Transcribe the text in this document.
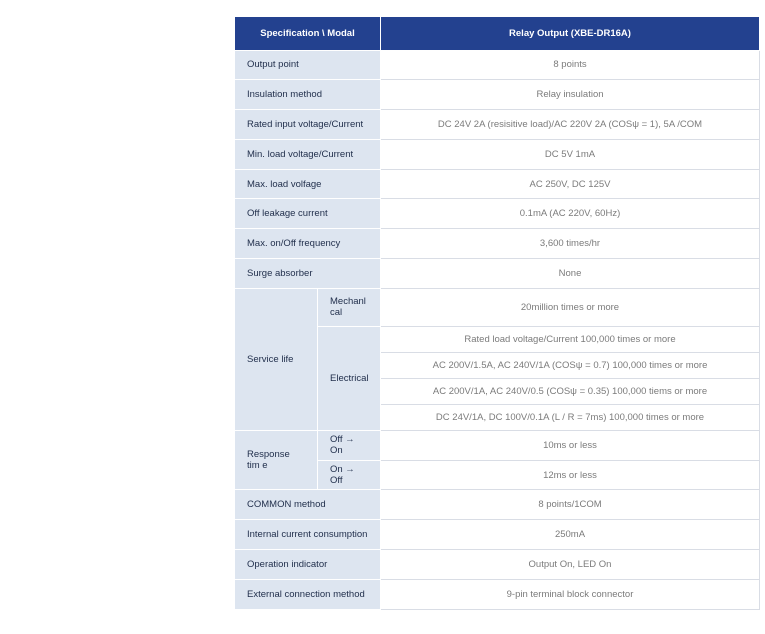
Specification \ Modal		Relay Output (XBE-DR16A)
Output point		8 points
Insulation method		Relay insulation
Rated input voltage/Current		DC 24V 2A (resisitive load)/AC 220V 2A (COSψ = 1), 5A /COM
Min. load voltage/Current		DC 5V 1mA
Max. load volfage		AC 250V, DC 125V
Off leakage current		0.1mA (AC 220V, 60Hz)
Max. on/Off frequency		3,600 times/hr
Surge absorber		None
Service life	Mechanl cal	20million times or more
	Electrical	Rated load voltage/Current 100,000 times or more
		AC 200V/1.5A, AC 240V/1A (COSψ = 0.7) 100,000 times or more
		AC 200V/1A, AC 240V/0.5 (COSψ = 0.35) 100,000 tiems or more
		DC 24V/1A, DC 100V/0.1A (L / R = 7ms) 100,000 times or more
Response tim e	Off → On	10ms or less
	On → Off	12ms or less
COMMON method		8 points/1COM
Internal current consumption		250mA
Operation indicator		Output On, LED On
External connection method		9-pin terminal block connector
